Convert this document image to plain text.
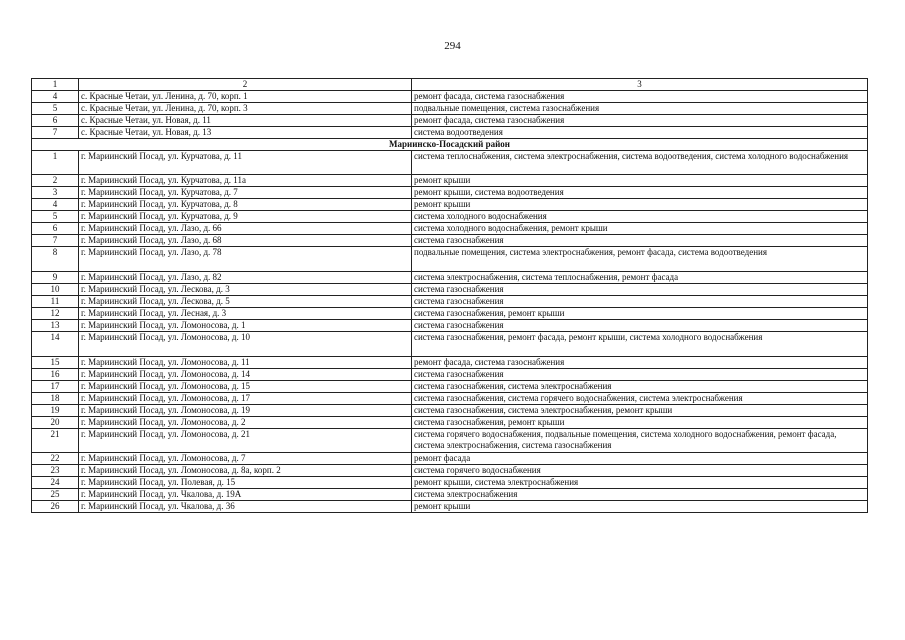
294
1	2	3
4	с. Красные Четаи, ул. Ленина, д. 70, корп. 1	ремонт фасада, система газоснабжения
5	с. Красные Четаи, ул. Ленина, д. 70, корп. 3	подвальные помещения, система газоснабжения
6	с. Красные Четаи, ул. Новая, д. 11	ремонт фасада, система газоснабжения
7	с. Красные Четаи, ул. Новая, д. 13	система водоотведения
Мариинско-Посадский район		
1	г. Мариинский Посад, ул. Курчатова, д. 11	система теплоснабжения, система электроснабжения, система водоотведения, система холодного водоснабжения
2	г. Мариинский Посад, ул. Курчатова, д. 11а	ремонт крыши
3	г. Мариинский Посад, ул. Курчатова, д. 7	ремонт крыши, система водоотведения
4	г. Мариинский Посад, ул. Курчатова, д. 8	ремонт крыши
5	г. Мариинский Посад, ул. Курчатова, д. 9	система холодного водоснабжения
6	г. Мариинский Посад, ул. Лазо, д. 66	система холодного водоснабжения, ремонт крыши
7	г. Мариинский Посад, ул. Лазо, д. 68	система газоснабжения
8	г. Мариинский Посад, ул. Лазо, д. 78	подвальные помещения, система электроснабжения, ремонт фасада, система водоотведения
9	г. Мариинский Посад, ул. Лазо, д. 82	система электроснабжения, система теплоснабжения, ремонт фасада
10	г. Мариинский Посад, ул. Лескова, д. 3	система газоснабжения
11	г. Мариинский Посад, ул. Лескова, д. 5	система газоснабжения
12	г. Мариинский Посад, ул. Лесная, д. 3	система газоснабжения, ремонт крыши
13	г. Мариинский Посад, ул. Ломоносова, д. 1	система газоснабжения
14	г. Мариинский Посад, ул. Ломоносова, д. 10	система газоснабжения, ремонт фасада, ремонт крыши, система холодного водоснабжения
15	г. Мариинский Посад, ул. Ломоносова, д. 11	ремонт фасада, система газоснабжения
16	г. Мариинский Посад, ул. Ломоносова, д. 14	система газоснабжения
17	г. Мариинский Посад, ул. Ломоносова, д. 15	система газоснабжения, система электроснабжения
18	г. Мариинский Посад, ул. Ломоносова, д. 17	система газоснабжения, система горячего водоснабжения, система электроснабжения
19	г. Мариинский Посад, ул. Ломоносова, д. 19	система газоснабжения, система электроснабжения, ремонт крыши
20	г. Мариинский Посад, ул. Ломоносова, д. 2	система газоснабжения, ремонт крыши
21	г. Мариинский Посад, ул. Ломоносова, д. 21	система горячего водоснабжения, подвальные помещения, система холодного водоснабжения, ремонт фасада, система электроснабжения, система газоснабжения
22	г. Мариинский Посад, ул. Ломоносова, д. 7	ремонт фасада
23	г. Мариинский Посад, ул. Ломоносова, д. 8а, корп. 2	система горячего водоснабжения
24	г. Мариинский Посад, ул. Полевая, д. 15	ремонт крыши, система электроснабжения
25	г. Мариинский Посад, ул. Чкалова, д. 19А	система электроснабжения
26	г. Мариинский Посад, ул. Чкалова, д. 36	ремонт крыши
